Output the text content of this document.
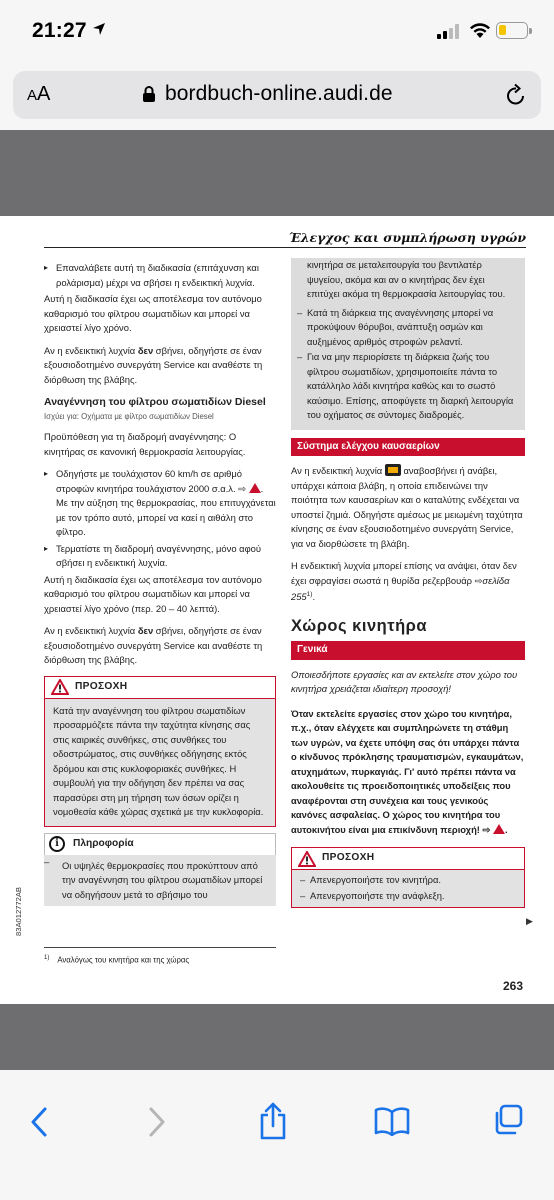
21:27
AA	bordbuch-online.audi.de
Έλεγχος και συμπλήρωση υγρών
▸ Επαναλάβετε αυτή τη διαδικασία (επιτάχυνση και ρολάρισμα) μέχρι να σβήσει η ενδεικτική λυχνία.
Αυτή η διαδικασία έχει ως αποτέλεσμα τον αυτόνομο καθαρισμό του φίλτρου σωματιδίων και μπορεί να χρειαστεί λίγο χρόνο.
Αν η ενδεικτική λυχνία δεν σβήνει, οδηγήστε σε έναν εξουσιοδοτημένο συνεργάτη Service και αναθέστε τη διόρθωση της βλάβης.
Αναγέννηση του φίλτρου σωματιδίων Diesel
Ισχύει για: Οχήματα με φίλτρο σωματιδίων Diesel
Προϋπόθεση για τη διαδρομή αναγέννησης: Ο κινητήρας σε κανονική θερμοκρασία λειτουργίας.
▸ Οδηγήστε με τουλάχιστον 60 km/h σε αριθμό στροφών κινητήρα τουλάχιστον 2000 σ.α.λ. ⇨ . Με την αύξηση της θερμοκρασίας, που επιτυγχάνεται με τον τρόπο αυτό, μπορεί να καεί η αιθάλη στο φίλτρο.
▸ Τερματίστε τη διαδρομή αναγέννησης, μόνο αφού σβήσει η ενδεικτική λυχνία.
Αυτή η διαδικασία έχει ως αποτέλεσμα τον αυτόνομο καθαρισμό του φίλτρου σωματιδίων και μπορεί να χρειαστεί λίγο χρόνο (περ. 20 – 40 λεπτά).
Αν η ενδεικτική λυχνία δεν σβήνει, οδηγήστε σε έναν εξουσιοδοτημένο συνεργάτη Service και αναθέστε τη διόρθωση της βλάβης.
ΠΡΟΣΟΧΗ
Κατά την αναγέννηση του φίλτρου σωματιδίων προσαρμόζετε πάντα την ταχύτητα κίνησης σας στις καιρικές συνθήκες, στις συνθήκες του οδοστρώματος, στις συνθήκες οδήγησης εκτός δρόμου και στις κυκλοφοριακές συνθήκες. Η συμβουλή για την οδήγηση δεν πρέπει να σας παρασύρει στη μη τήρηση των όσων ορίζει η νομοθεσία κάθε χώρας σχετικά με την κυκλοφορία.
i	Πληροφορία
– Οι υψηλές θερμοκρασίες που προκύπτουν από την αναγέννηση του φίλτρου σωματιδίων μπορεί να οδηγήσουν μετά το σβήσιμο του
κινητήρα σε μεταλειτουργία του βεντιλατέρ ψυγείου, ακόμα και αν ο κινητήρας δεν έχει επιτύχει ακόμα τη θερμοκρασία λειτουργίας του.
– Κατά τη διάρκεια της αναγέννησης μπορεί να προκύψουν θόρυβοι, ανάπτυξη οσμών και αυξημένος αριθμός στροφών ρελαντί.
– Για να μην περιορίσετε τη διάρκεια ζωής του φίλτρου σωματιδίων, χρησιμοποιείτε πάντα το κατάλληλο λάδι κινητήρα καθώς και το σωστό καύσιμο. Επίσης, αποφύγετε τη διαρκή λειτουργία του οχήματος σε σύντομες διαδρομές.
Σύστημα ελέγχου καυσαερίων
Αν η ενδεικτική λυχνία αναβοσβήνει ή ανάβει, υπάρχει κάποια βλάβη, η οποία επιδεινώνει την ποιότητα των καυσαερίων και ο καταλύτης ενδέχεται να υποστεί ζημιά. Οδηγήστε αμέσως με μειωμένη ταχύτητα κίνησης σε έναν εξουσιοδοτημένο συνεργάτη Service, για να διορθώσετε τη βλάβη.
Η ενδεικτική λυχνία μπορεί επίσης να ανάψει, όταν δεν έχει σφραγίσει σωστά η θυρίδα ρεζερβουάρ ⇨σελίδα 255$^{1)}$.
Χώρος κινητήρα
Γενικά
Οποιεσδήποτε εργασίες και αν εκτελείτε στον χώρο του κινητήρα χρειάζεται ιδιαίτερη προσοχή!
Όταν εκτελείτε εργασίες στον χώρο του κινητήρα, π.χ., όταν ελέγχετε και συμπληρώνετε τη στάθμη των υγρών, να έχετε υπόψη σας ότι υπάρχει πάντα ο κίνδυνος πρόκλησης τραυματισμών, εγκαυμάτων, ατυχημάτων, πυρκαγιάς. Γι' αυτό πρέπει πάντα να ακολουθείτε τις προειδοποιητικές υποδείξεις που αναφέρονται στη συνέχεια και τους γενικούς κανόνες ασφαλείας. Ο χώρος του κινητήρα του αυτοκινήτου είναι μια επικίνδυνη περιοχή! ⇨ .
ΠΡΟΣΟΧΗ
– Απενεργοποιήστε τον κινητήρα.
– Απενεργοποιήστε την ανάφλεξη.
▶
$^{1)}$ Αναλόγως του κινητήρα και της χώρας
83A012772AB
263
